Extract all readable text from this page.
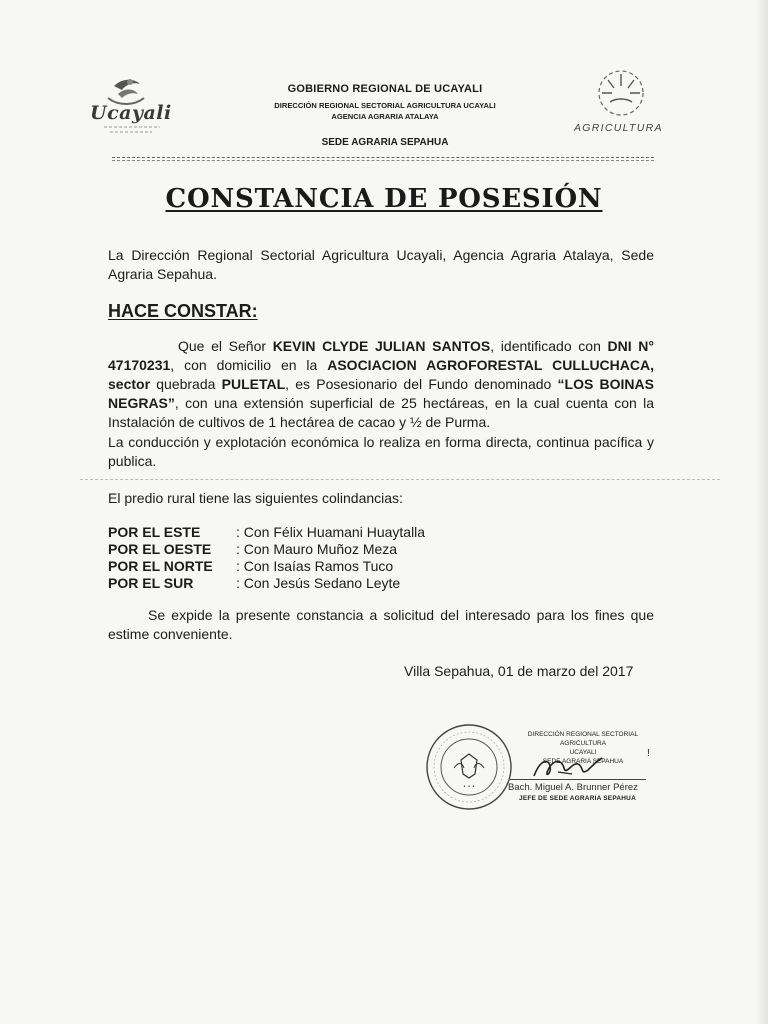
Ucayali
GOBIERNO REGIONAL DE UCAYALI
DIRECCIÓN REGIONAL SECTORIAL AGRICULTURA UCAYALI
AGENCIA AGRARIA ATALAYA
SEDE AGRARIA SEPAHUA
AGRICULTURA
CONSTANCIA DE POSESIÓN
La Dirección Regional Sectorial Agricultura Ucayali, Agencia Agraria Atalaya, Sede Agraria Sepahua.
HACE CONSTAR:
Que el Señor KEVIN CLYDE JULIAN SANTOS, identificado con DNI N° 47170231, con domicilio en la ASOCIACION AGROFORESTAL CULLUCHACA, sector quebrada PULETAL, es Posesionario del Fundo denominado “LOS BOINAS NEGRAS”, con una extensión superficial de 25 hectáreas, en la cual cuenta con la Instalación de cultivos de 1 hectárea de cacao y ½ de Purma.
La conducción y explotación económica lo realiza en forma directa, continua pacífica y publica.
El predio rural tiene las siguientes colindancias:
POR EL ESTE	: Con Félix Huamani Huaytalla
POR EL OESTE	: Con Mauro Muñoz Meza
POR EL NORTE	: Con Isaías Ramos Tuco
POR EL SUR	: Con Jesús Sedano Leyte
Se expide la presente constancia a solicitud del interesado para los fines que estime conveniente.
Villa Sepahua, 01 de marzo del 2017
• • •
DIRECCIÓN REGIONAL SECTORIAL AGRICULTURA
UCAYALI
SEDE AGRARIA SEPAHUA
Bach. Miguel A. Brunner Pérez
JEFE DE SEDE AGRARIA SEPAHUA
!
